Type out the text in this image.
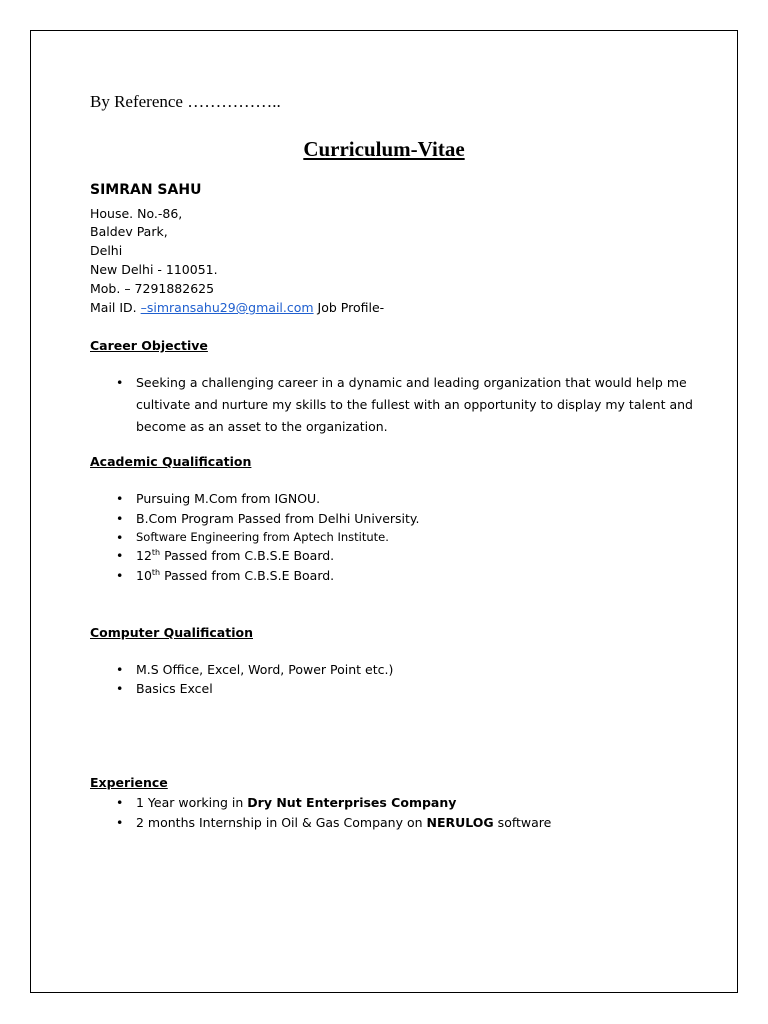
By Reference ……………..
Curriculum-Vitae
SIMRAN SAHU
House. No.-86,
Baldev Park,
Delhi
New Delhi - 110051.
Mob. – 7291882625
Mail ID. –simransahu29@gmail.com Job Profile-
Career Objective
• Seeking a challenging career in a dynamic and leading organization that would help me cultivate and nurture my skills to the fullest with an opportunity to display my talent and become as an asset to the organization.
Academic Qualification
• Pursuing M.Com from IGNOU.
• B.Com Program Passed from Delhi University.
• Software Engineering from Aptech Institute.
• 12th Passed from C.B.S.E Board.
• 10th Passed from C.B.S.E Board.
Computer Qualification
• M.S Office, Excel, Word, Power Point etc.)
• Basics Excel
Experience
• 1 Year working in Dry Nut Enterprises Company
• 2 months Internship in Oil & Gas Company on NERULOG software
